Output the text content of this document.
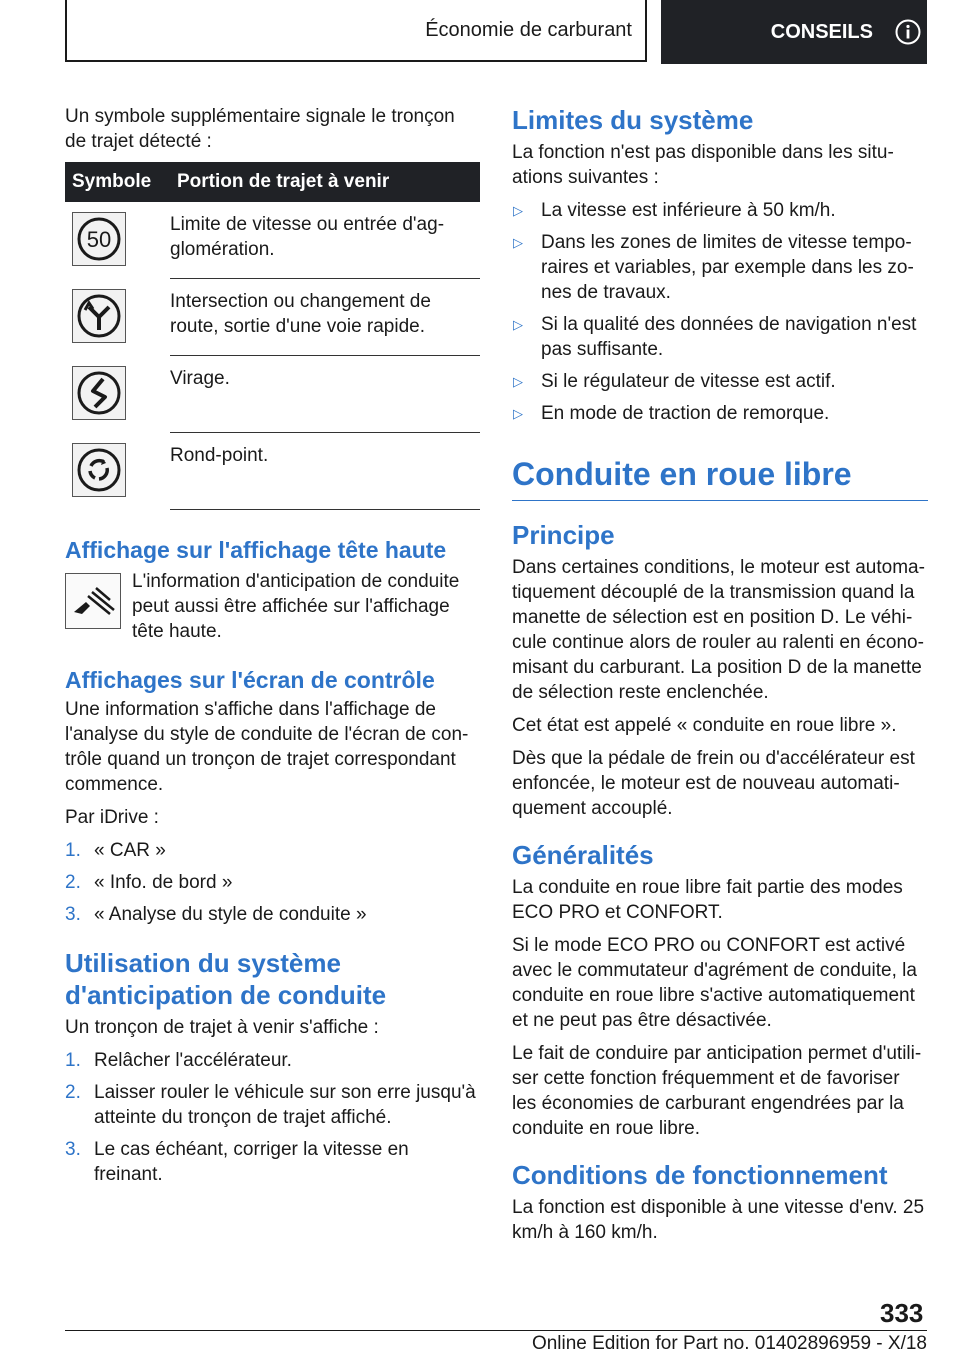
Économie de carburant	CONSEILS

Un symbole supplémentaire signale le tronçon de trajet détecté :

Symbole	Portion de trajet à venir

50	Limite de vitesse ou entrée d'agglomération.

	Intersection ou changement de route, sortie d'une voie rapide.

	Virage.

	Rond-point.
Affichage sur l'affichage tête haute
L'information d'anticipation de conduite peut aussi être affichée sur l'affichage tête haute.
Affichages sur l'écran de contrôle

Une information s'affiche dans l'affichage de l'analyse du style de conduite de l'écran de contrôle quand un tronçon de trajet correspondant commence.

Par iDrive :

1. « CAR »
2. « Info. de bord »
3. « Analyse du style de conduite »
Utilisation du système d'anticipation de conduite

Un tronçon de trajet à venir s'affiche :

1. Relâcher l'accélérateur.
2. Laisser rouler le véhicule sur son erre jusqu'à atteinte du tronçon de trajet affiché.
3. Le cas échéant, corriger la vitesse en freinant.
Limites du système

La fonction n'est pas disponible dans les situations suivantes :

▷ La vitesse est inférieure à 50 km/h.
▷ Dans les zones de limites de vitesse temporaires et variables, par exemple dans les zones de travaux.
▷ Si la qualité des données de navigation n'est pas suffisante.
▷ Si le régulateur de vitesse est actif.
▷ En mode de traction de remorque.
Conduite en roue libre
Principe

Dans certaines conditions, le moteur est automatiquement découplé de la transmission quand la manette de sélection est en position D. Le véhicule continue alors de rouler au ralenti en économisant du carburant. La position D de la manette de sélection reste enclenchée.

Cet état est appelé « conduite en roue libre ».

Dès que la pédale de frein ou d'accélérateur est enfoncée, le moteur est de nouveau automatiquement accouplé.

Généralités

La conduite en roue libre fait partie des modes ECO PRO et CONFORT.

Si le mode ECO PRO ou CONFORT est activé avec le commutateur d'agrément de conduite, la conduite en roue libre s'active automatiquement et ne peut pas être désactivée.

Le fait de conduire par anticipation permet d'utiliser cette fonction fréquemment et de favoriser les économies de carburant engendrées par la conduite en roue libre.

Conditions de fonctionnement

La fonction est disponible à une vitesse d'env. 25 km/h à 160 km/h.

333
Online Edition for Part no. 01402896959 - X/18
